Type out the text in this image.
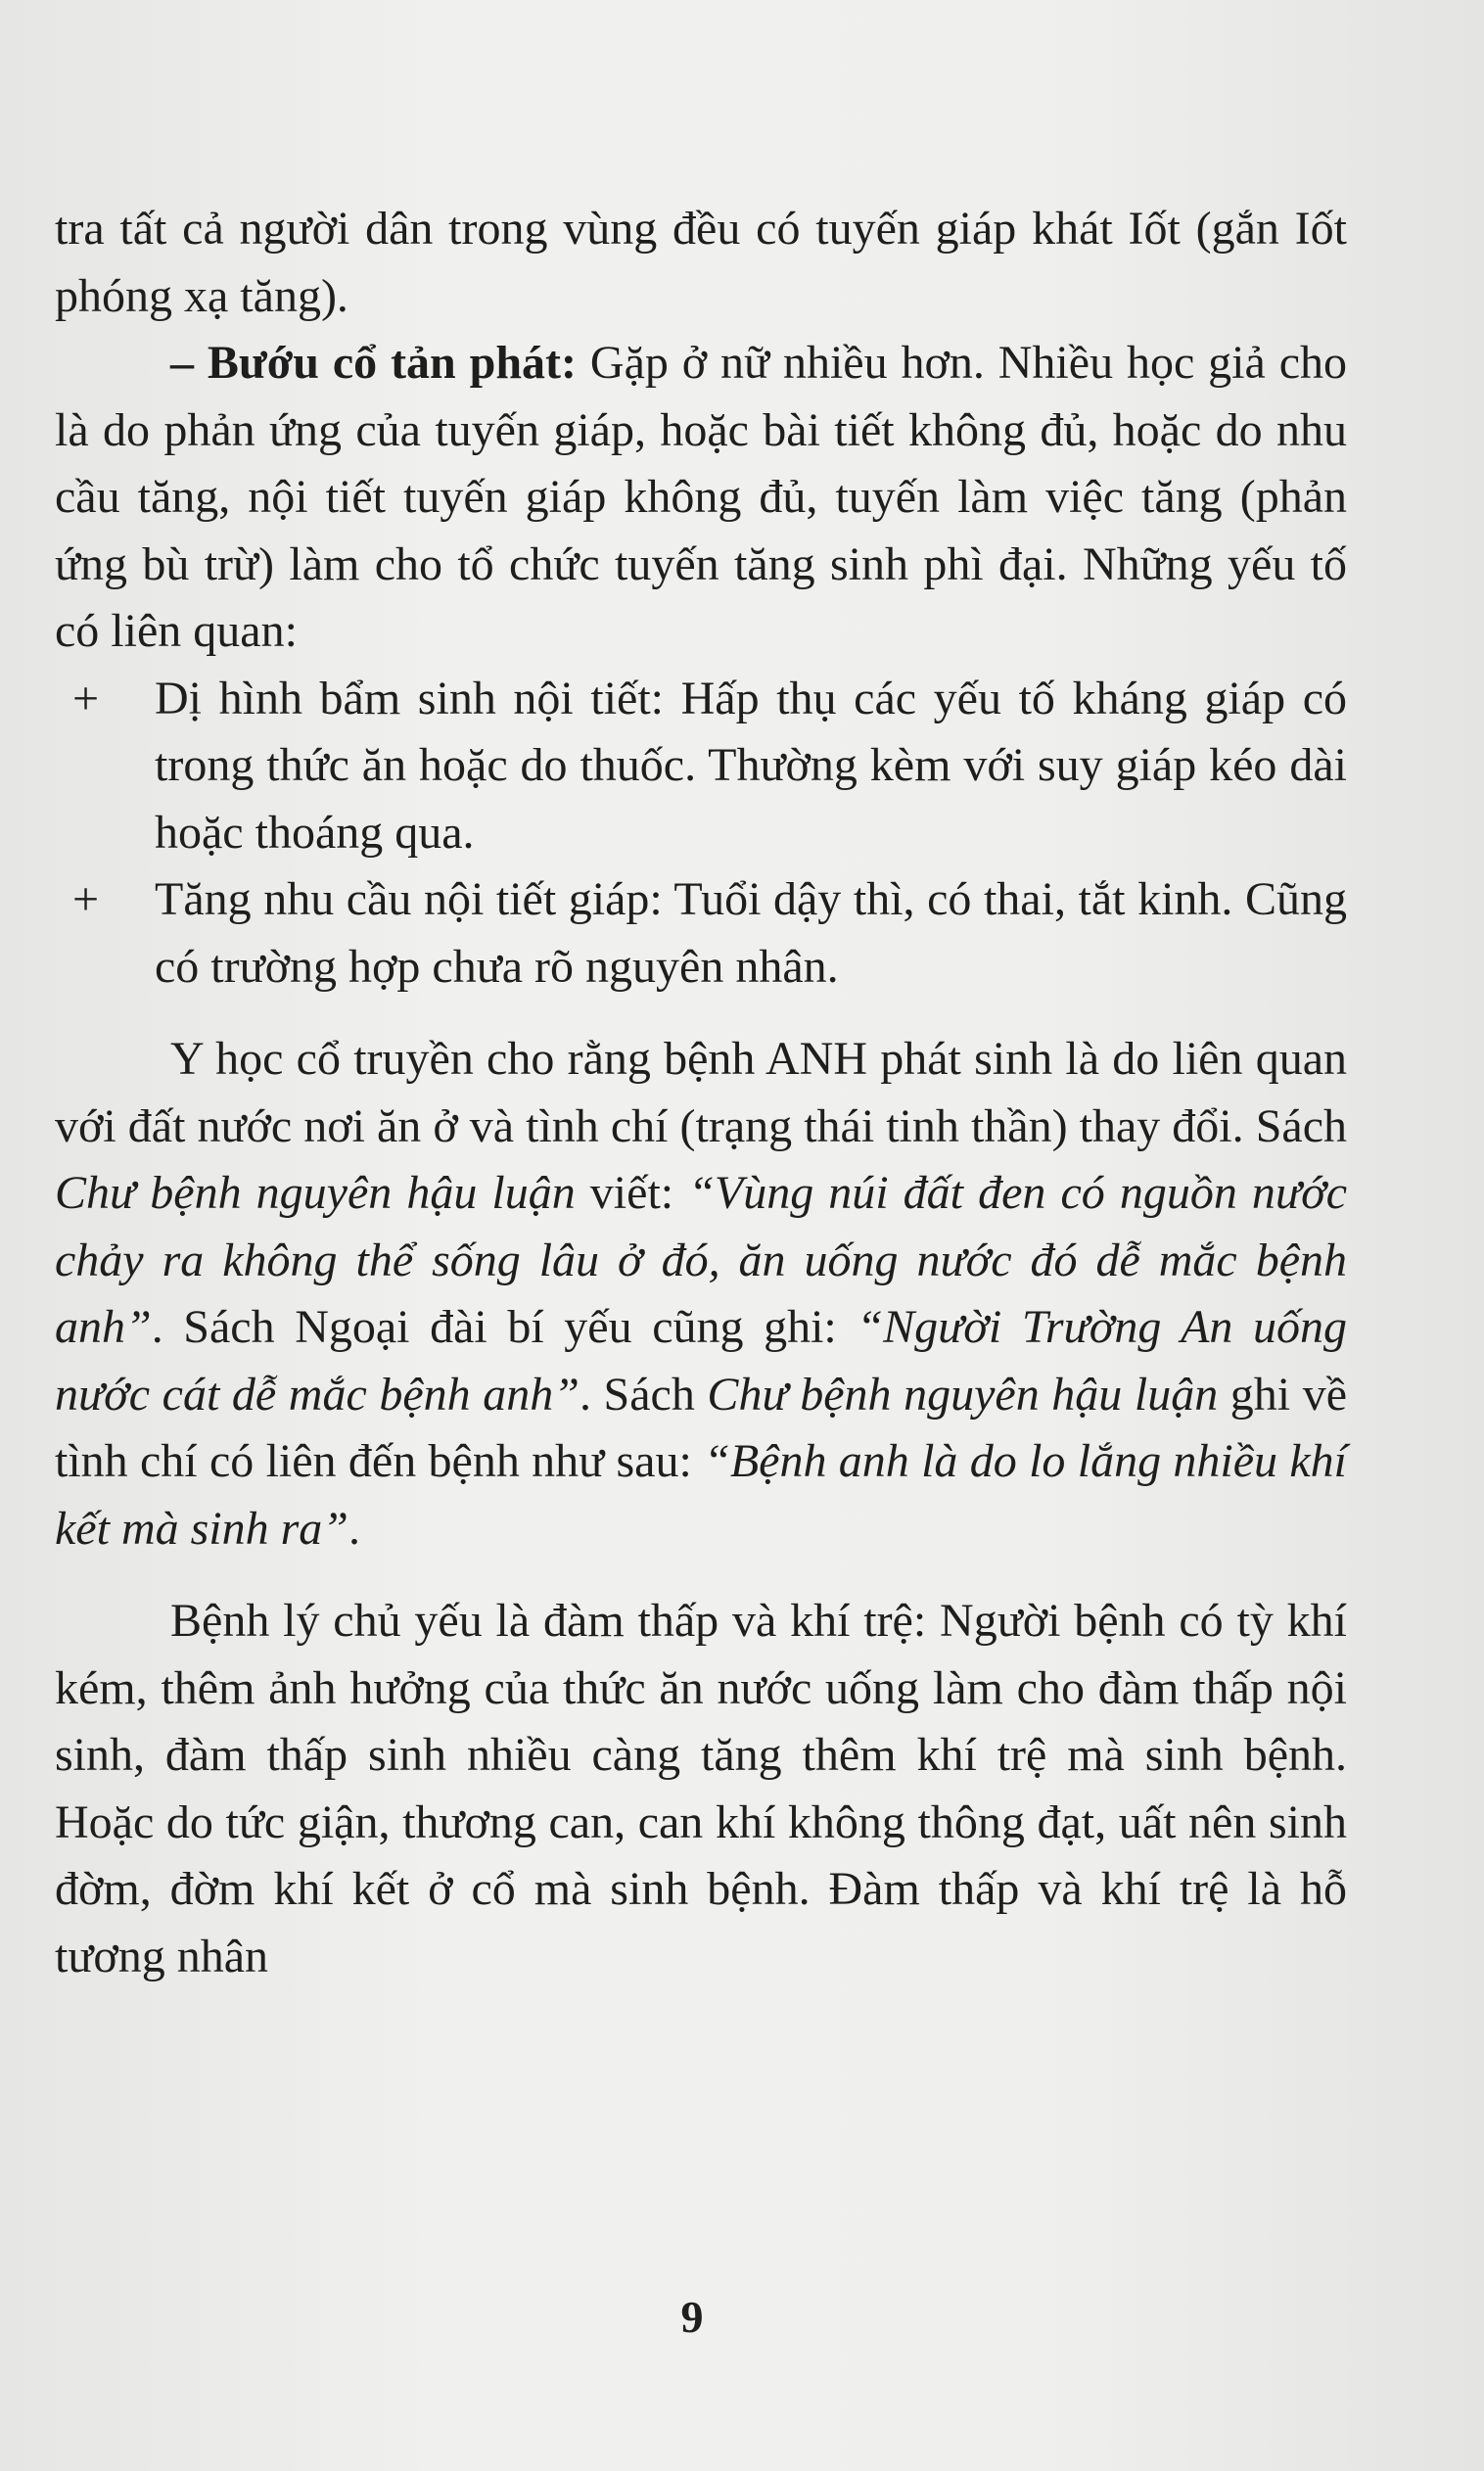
tra tất cả người dân trong vùng đều có tuyến giáp khát Iốt (gắn Iốt phóng xạ tăng).

– Bướu cổ tản phát: Gặp ở nữ nhiều hơn. Nhiều học giả cho là do phản ứng của tuyến giáp, hoặc bài tiết không đủ, hoặc do nhu cầu tăng, nội tiết tuyến giáp không đủ, tuyến làm việc tăng (phản ứng bù trừ) làm cho tổ chức tuyến tăng sinh phì đại. Những yếu tố có liên quan:

+	Dị hình bẩm sinh nội tiết: Hấp thụ các yếu tố kháng giáp có trong thức ăn hoặc do thuốc. Thường kèm với suy giáp kéo dài hoặc thoáng qua.
+	Tăng nhu cầu nội tiết giáp: Tuổi dậy thì, có thai, tắt kinh. Cũng có trường hợp chưa rõ nguyên nhân.

Y học cổ truyền cho rằng bệnh ANH phát sinh là do liên quan với đất nước nơi ăn ở và tình chí (trạng thái tinh thần) thay đổi. Sách Chư bệnh nguyên hậu luận viết: “Vùng núi đất đen có nguồn nước chảy ra không thể sống lâu ở đó, ăn uống nước đó dễ mắc bệnh anh”. Sách Ngoại đài bí yếu cũng ghi: “Người Trường An uống nước cát dễ mắc bệnh anh”. Sách Chư bệnh nguyên hậu luận ghi về tình chí có liên đến bệnh như sau: “Bệnh anh là do lo lắng nhiều khí kết mà sinh ra”.

Bệnh lý chủ yếu là đàm thấp và khí trệ: Người bệnh có tỳ khí kém, thêm ảnh hưởng của thức ăn nước uống làm cho đàm thấp nội sinh, đàm thấp sinh nhiều càng tăng thêm khí trệ mà sinh bệnh. Hoặc do tức giận, thương can, can khí không thông đạt, uất nên sinh đờm, đờm khí kết ở cổ mà sinh bệnh. Đàm thấp và khí trệ là hỗ tương nhân

9
